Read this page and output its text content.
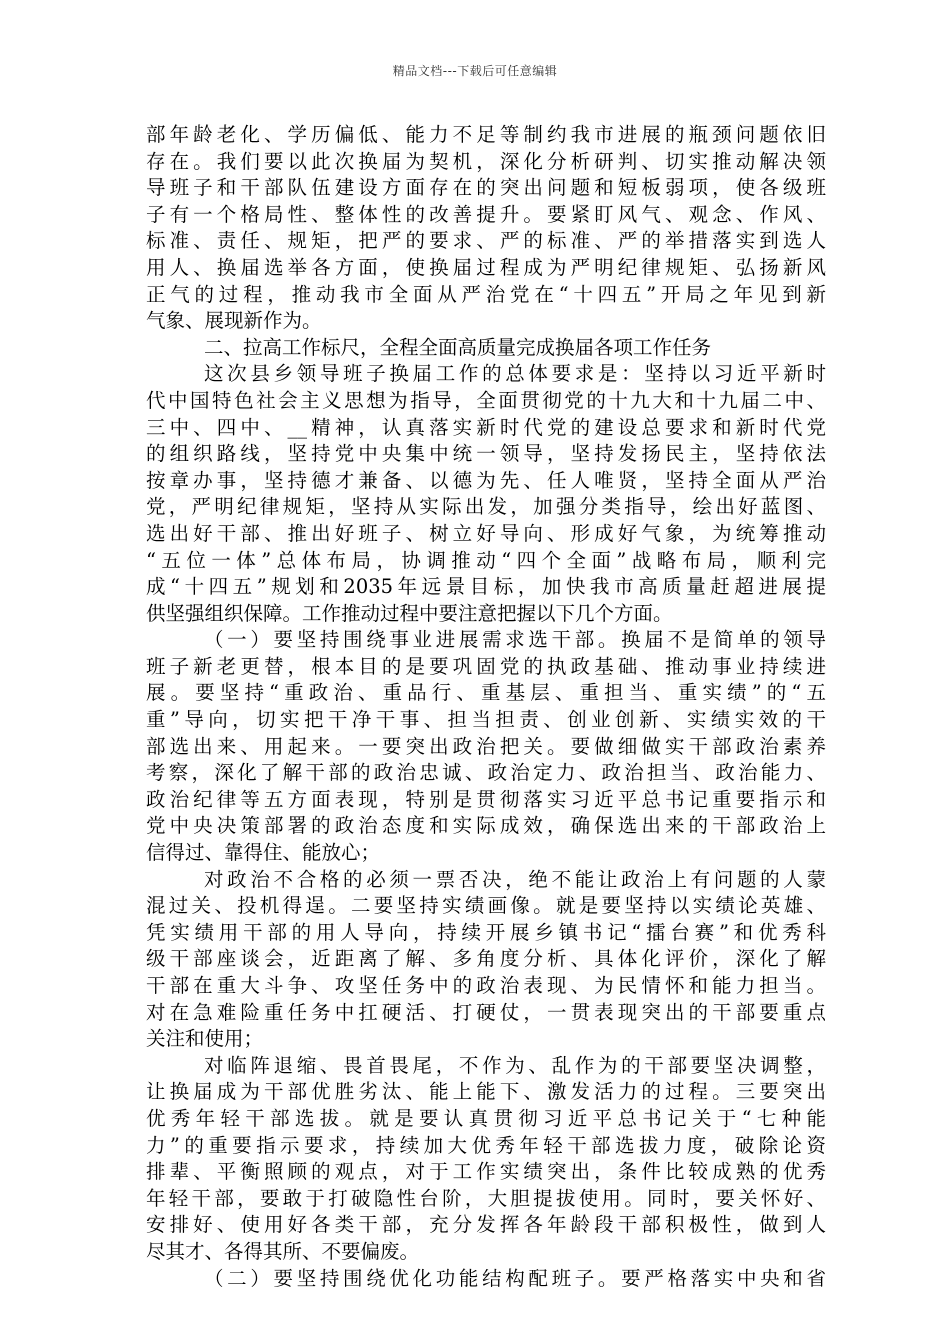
精品文档---下载后可任意编辑
部年龄老化、学历偏低、能力不足等制约我市进展的瓶颈问题依旧
存在。我们要以此次换届为契机，深化分析研判、切实推动解决领
导班子和干部队伍建设方面存在的突出问题和短板弱项，使各级班
子有一个格局性、整体性的改善提升。要紧盯风气、观念、作风、
标准、责任、规矩，把严的要求、严的标准、严的举措落实到选人
用人、换届选举各方面，使换届过程成为严明纪律规矩、弘扬新风
正气的过程，推动我市全面从严治党在“十四五”开局之年见到新
气象、展现新作为。
二、拉高工作标尺，全程全面高质量完成换届各项工作任务
这次县乡领导班子换届工作的总体要求是：坚持以习近平新时
代中国特色社会主义思想为指导，全面贯彻党的十九大和十九届二中、
三中、四中、__精神，认真落实新时代党的建设总要求和新时代党
的组织路线，坚持党中央集中统一领导，坚持发扬民主，坚持依法
按章办事，坚持德才兼备、以德为先、任人唯贤，坚持全面从严治
党，严明纪律规矩，坚持从实际出发，加强分类指导，绘出好蓝图、
选出好干部、推出好班子、树立好导向、形成好气象，为统筹推动
“五位一体”总体布局，协调推动“四个全面”战略布局，顺利完
成“十四五”规划和2035年远景目标，加快我市高质量赶超进展提
供坚强组织保障。工作推动过程中要注意把握以下几个方面。
（一）要坚持围绕事业进展需求选干部。换届不是简单的领导
班子新老更替，根本目的是要巩固党的执政基础、推动事业持续进
展。要坚持“重政治、重品行、重基层、重担当、重实绩”的“五
重”导向，切实把干净干事、担当担责、创业创新、实绩实效的干
部选出来、用起来。一要突出政治把关。要做细做实干部政治素养
考察，深化了解干部的政治忠诚、政治定力、政治担当、政治能力、
政治纪律等五方面表现，特别是贯彻落实习近平总书记重要指示和
党中央决策部署的政治态度和实际成效，确保选出来的干部政治上
信得过、靠得住、能放心；
对政治不合格的必须一票否决，绝不能让政治上有问题的人蒙
混过关、投机得逞。二要坚持实绩画像。就是要坚持以实绩论英雄、
凭实绩用干部的用人导向，持续开展乡镇书记“擂台赛”和优秀科
级干部座谈会，近距离了解、多角度分析、具体化评价，深化了解
干部在重大斗争、攻坚任务中的政治表现、为民情怀和能力担当。
对在急难险重任务中扛硬活、打硬仗，一贯表现突出的干部要重点
关注和使用；
对临阵退缩、畏首畏尾，不作为、乱作为的干部要坚决调整，
让换届成为干部优胜劣汰、能上能下、激发活力的过程。三要突出
优秀年轻干部选拔。就是要认真贯彻习近平总书记关于“七种能
力”的重要指示要求，持续加大优秀年轻干部选拔力度，破除论资
排辈、平衡照顾的观点，对于工作实绩突出，条件比较成熟的优秀
年轻干部，要敢于打破隐性台阶，大胆提拔使用。同时，要关怀好、
安排好、使用好各类干部，充分发挥各年龄段干部积极性，做到人
尽其才、各得其所、不要偏废。
（二）要坚持围绕优化功能结构配班子。要严格落实中央和省
